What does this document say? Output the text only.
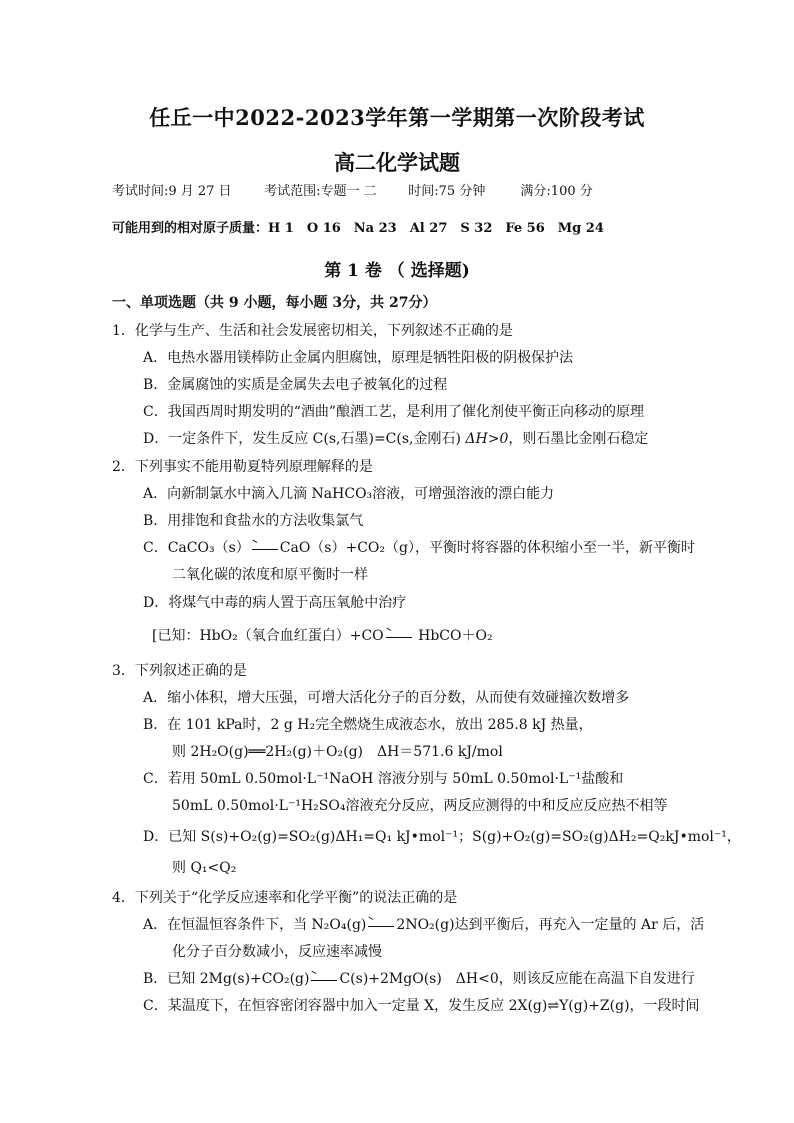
任丘一中2022-2023学年第一学期第一次阶段考试
高二化学试题
考试时间:9 月 27 日	考试范围:专题一 二 时间:75 分钟	满分:100 分
可能用到的相对原子质量：H 1　O 16　Na 23　Al 27　S 32　Fe 56　Mg 24
第 1 卷 （ 选择题)
一、单项选题（共 9 小题，每小题 3分，共 27分）
1．化学与生产、生活和社会发展密切相关，下列叙述不正确的是
A．电热水器用镁棒防止金属内胆腐蚀，原理是牺牲阳极的阴极保护法
B．金属腐蚀的实质是金属失去电子被氧化的过程
C．我国西周时期发明的“酒曲”酿酒工艺，是利用了催化剂使平衡正向移动的原理
D．一定条件下，发生反应 C(s,石墨)=C(s,金刚石) ΔH>0，则石墨比金刚石稳定
2．下列事实不能用勒夏特列原理解释的是
A．向新制氯水中滴入几滴 NaHCO₃溶液，可增强溶液的漂白能力
B．用排饱和食盐水的方法收集氯气
C．CaCO₃（s） CaO（s）+CO₂（g），平衡时将容器的体积缩小至一半，新平衡时
二氧化碳的浓度和原平衡时一样
D．将煤气中毒的病人置于高压氧舱中治疗
[已知：HbO₂（氧合血红蛋白）+CO HbCO＋O₂
3．下列叙述正确的是
A．缩小体积，增大压强，可增大活化分子的百分数，从而使有效碰撞次数增多
B．在 101 kPa时，2 g H₂完全燃烧生成液态水，放出 285.8 kJ 热量，
则 2H₂O(g)══2H₂(g)＋O₂(g)　ΔH＝571.6 kJ/mol
C．若用 50mL 0.50mol·L⁻¹NaOH 溶液分别与 50mL 0.50mol·L⁻¹盐酸和
50mL 0.50mol·L⁻¹H₂SO₄溶液充分反应，两反应测得的中和反应反应热不相等
D．已知 S(s)+O₂(g)=SO₂(g)ΔH₁=Q₁ kJ•mol⁻¹；S(g)+O₂(g)=SO₂(g)ΔH₂=Q₂kJ•mol⁻¹，
则 Q₁<Q₂
4．下列关于“化学反应速率和化学平衡”的说法正确的是
A．在恒温恒容条件下，当 N₂O₄(g) 2NO₂(g)达到平衡后，再充入一定量的 Ar 后，活
化分子百分数减小，反应速率减慢
B．已知 2Mg(s)+CO₂(g) C(s)+2MgO(s)　ΔH<0，则该反应能在高温下自发进行
C．某温度下，在恒容密闭容器中加入一定量 X，发生反应 2X(g)⇌Y(g)+Z(g)，一段时间
